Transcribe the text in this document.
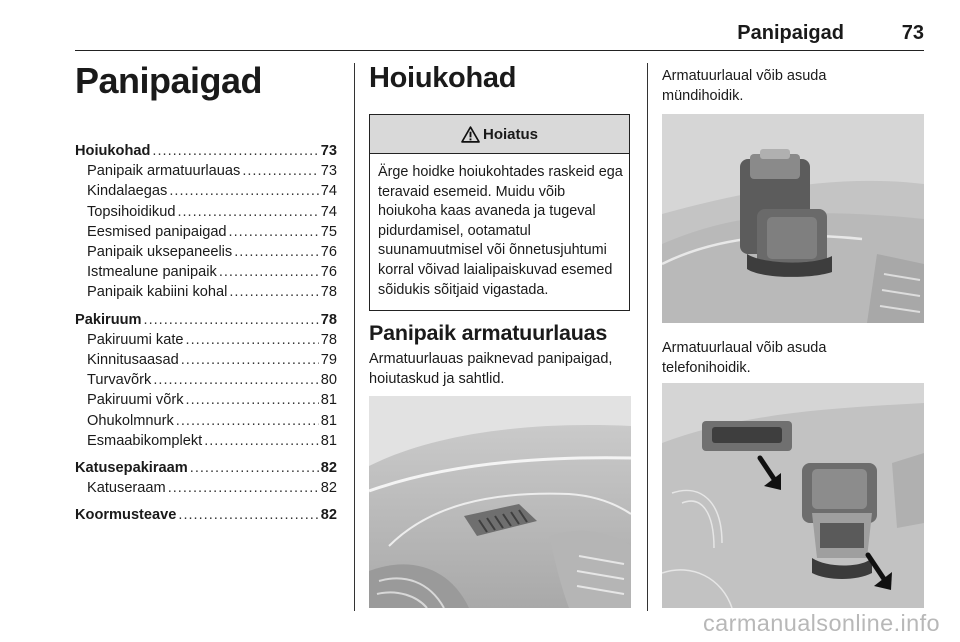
Panipaigad	73
Panipaigad
Hoiukohad .....	73
Panipaik armatuurlauas .....	73
Kindalaegas .....	74
Topsihoidikud .....	74
Eesmised panipaigad .....	75
Panipaik uksepaneelis .....	76
Istmealune panipaik .....	76
Panipaik kabiini kohal .....	78
Pakiruum .....	78
Pakiruumi kate .....	78
Kinnitusaasad .....	79
Turvavõrk .....	80
Pakiruumi võrk .....	81
Ohukolmnurk .....	81
Esmaabikomplekt .....	81
Katusepakiraam .....	82
Katuseraam .....	82
Koormusteave .....	82
Hoiukohad
Hoiatus
Ärge hoidke hoiukohtades raskeid ega teravaid esemeid. Muidu võib hoiukoha kaas avaneda ja tugeval pidurdamisel, ootamatul suunamuutmisel või õnnetusjuhtumi korral võivad laialipaiskuvad esemed sõidukis sõitjaid vigastada.
Panipaik armatuurlauas
Armatuurlauas paiknevad panipaigad, hoiutaskud ja sahtlid.
Armatuurlaual võib asuda mündihoidik.
Armatuurlaual võib asuda telefonihoidik.
carmanualsonline.info
